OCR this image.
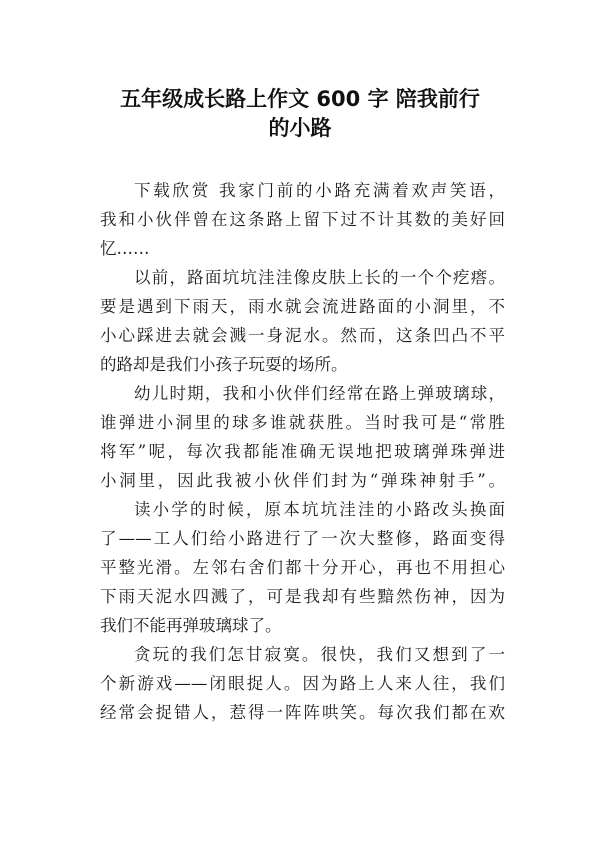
五年级成长路上作文 600 字 陪我前行
的小路
下载欣赏 我家门前的小路充满着欢声笑语，
我和小伙伴曾在这条路上留下过不计其数的美好回
忆……
以前，路面坑坑洼洼像皮肤上长的一个个疙瘩。
要是遇到下雨天，雨水就会流进路面的小洞里，不
小心踩进去就会溅一身泥水。然而，这条凹凸不平
的路却是我们小孩子玩耍的场所。
幼儿时期，我和小伙伴们经常在路上弹玻璃球，
谁弹进小洞里的球多谁就获胜。当时我可是“常胜
将军”呢，每次我都能准确无误地把玻璃弹珠弹进
小洞里，因此我被小伙伴们封为“弹珠神射手”。
读小学的时候，原本坑坑洼洼的小路改头换面
了——工人们给小路进行了一次大整修，路面变得
平整光滑。左邻右舍们都十分开心，再也不用担心
下雨天泥水四溅了，可是我却有些黯然伤神，因为
我们不能再弹玻璃球了。
贪玩的我们怎甘寂寞。很快，我们又想到了一
个新游戏——闭眼捉人。因为路上人来人往，我们
经常会捉错人，惹得一阵阵哄笑。每次我们都在欢
